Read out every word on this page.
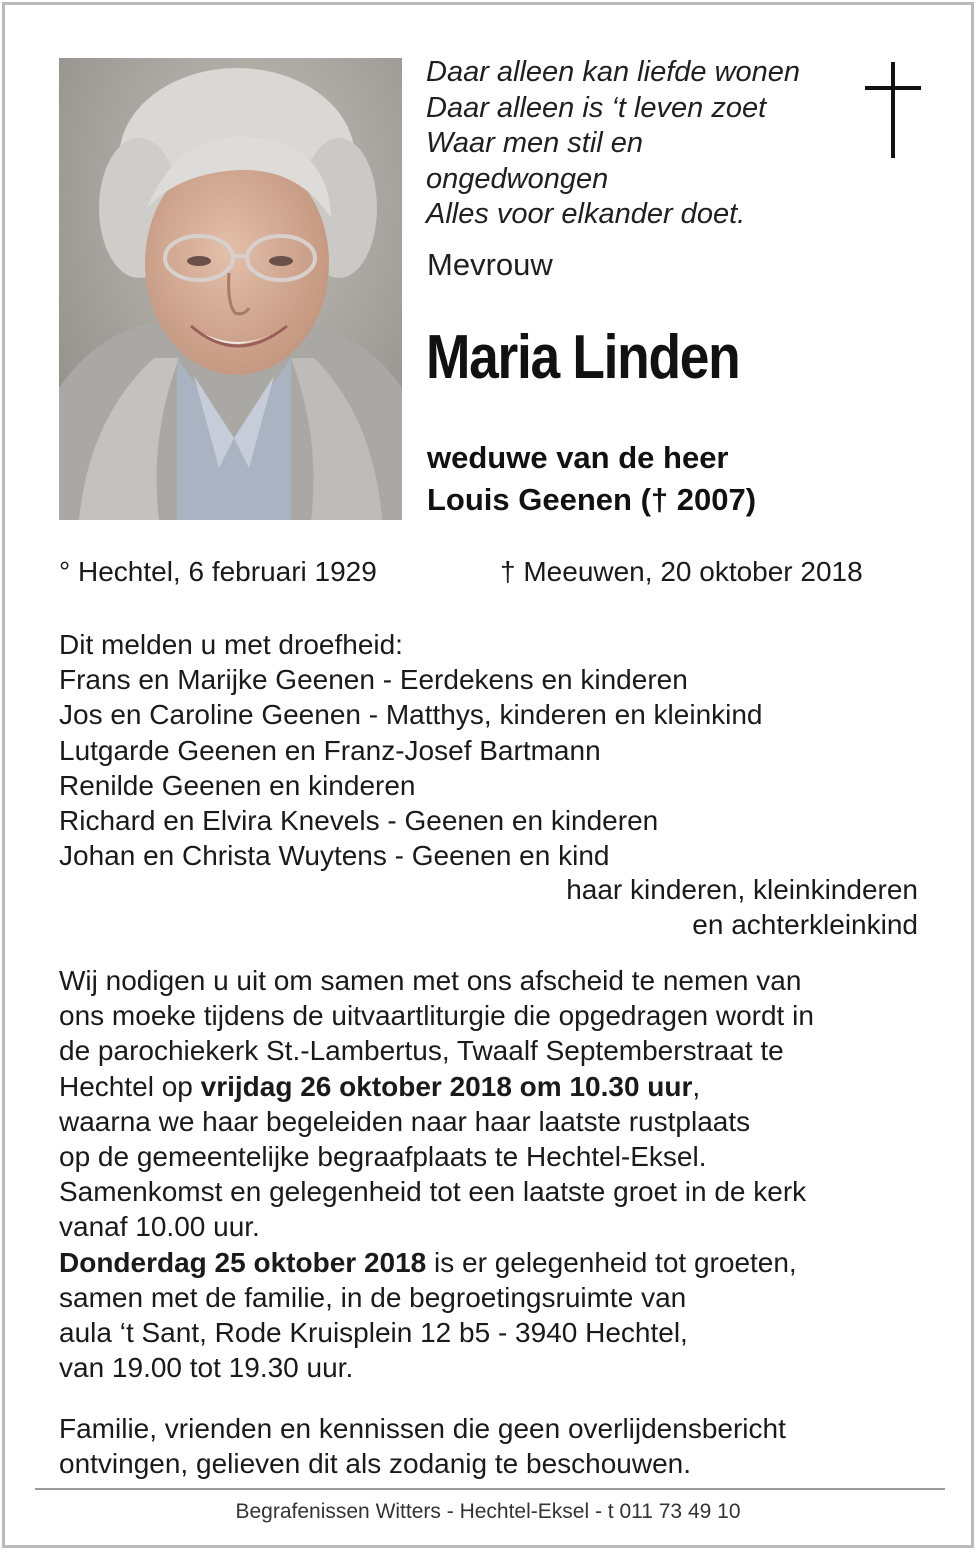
Daar alleen kan liefde wonen
Daar alleen is ‘t leven zoet
Waar men stil en
ongedwongen
Alles voor elkander doet.
Mevrouw
Maria Linden
weduwe van de heer
Louis Geenen († 2007)
° Hechtel, 6 februari 1929	† Meeuwen, 20 oktober 2018
Dit melden u met droefheid:
Frans en Marijke Geenen - Eerdekens en kinderen
Jos en Caroline Geenen - Matthys, kinderen en kleinkind
Lutgarde Geenen en Franz-Josef Bartmann
Renilde Geenen en kinderen
Richard en Elvira Knevels - Geenen en kinderen
Johan en Christa Wuytens - Geenen en kind
haar kinderen, kleinkinderen
en achterkleinkind
Wij nodigen u uit om samen met ons afscheid te nemen van
ons moeke tijdens de uitvaartliturgie die opgedragen wordt in
de parochiekerk St.-Lambertus, Twaalf Septemberstraat te
Hechtel op vrijdag 26 oktober 2018 om 10.30 uur,
waarna we haar begeleiden naar haar laatste rustplaats
op de gemeentelijke begraafplaats te Hechtel-Eksel.
Samenkomst en gelegenheid tot een laatste groet in de kerk
vanaf 10.00 uur.
Donderdag 25 oktober 2018 is er gelegenheid tot groeten,
samen met de familie, in de begroetingsruimte van
aula ‘t Sant, Rode Kruisplein 12 b5 - 3940 Hechtel,
van 19.00 tot 19.30 uur.
Familie, vrienden en kennissen die geen overlijdensbericht
ontvingen, gelieven dit als zodanig te beschouwen.
Begrafenissen Witters - Hechtel-Eksel - t 011 73 49 10
